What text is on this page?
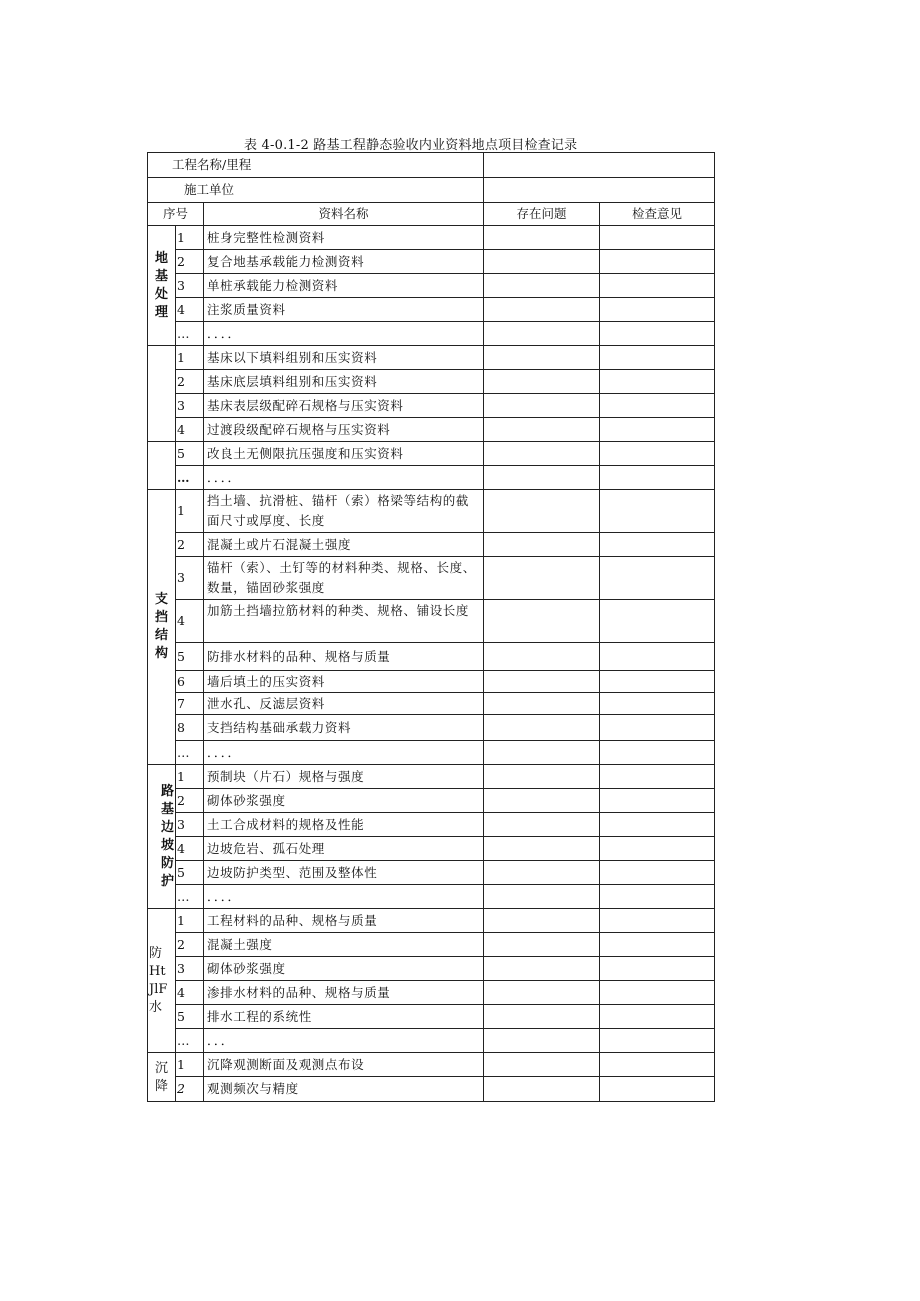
表 4-0.1-2 路基工程静态验收内业资料地点项目检查记录
工程名称/里程				
施工单位				
序号		资料名称	存在问题	检查意见
地基处理	1	桩身完整性检测资料		
	2	复合地基承载能力检测资料		
	3	单桩承载能力检测资料		
	4	注浆质量资料		
	…	．．．．		
	1	基床以下填料组别和压实资料		
	2	基床底层填料组别和压实资料		
	3	基床表层级配碎石规格与压实资料		
	4	过渡段级配碎石规格与压实资料		
	5	改良土无侧限抗压强度和压实资料		
	…	．．．．		
支挡结构	1	挡土墙、抗滑桩、锚杆（索）格梁等结构的截面尺寸或厚度、长度		
	2	混凝土或片石混凝土强度		
	3	锚杆（索）、土钉等的材料种类、规格、长度、数量，锚固砂浆强度		
	4	加筋土挡墙拉筋材料的种类、规格、铺设长度		
	5	防排水材料的品种、规格与质量		
	6	墙后填土的压实资料		
	7	泄水孔、反滤层资料		
	8	支挡结构基础承载力资料		
	…	．．．．		
路基边坡防护	1	预制块（片石）规格与强度		
	2	砌体砂浆强度		
	3	土工合成材料的规格及性能		
	4	边坡危岩、孤石处理		
	5	边坡防护类型、范围及整体性		
	…	．．．．		
防Ht JlF水	1	工程材料的品种、规格与质量		
	2	混凝土强度		
	3	砌体砂浆强度		
	4	渗排水材料的品种、规格与质量		
	5	排水工程的系统性		
	…	．．．		
沉降	1	沉降观测断面及观测点布设		
	2	观测频次与精度		
